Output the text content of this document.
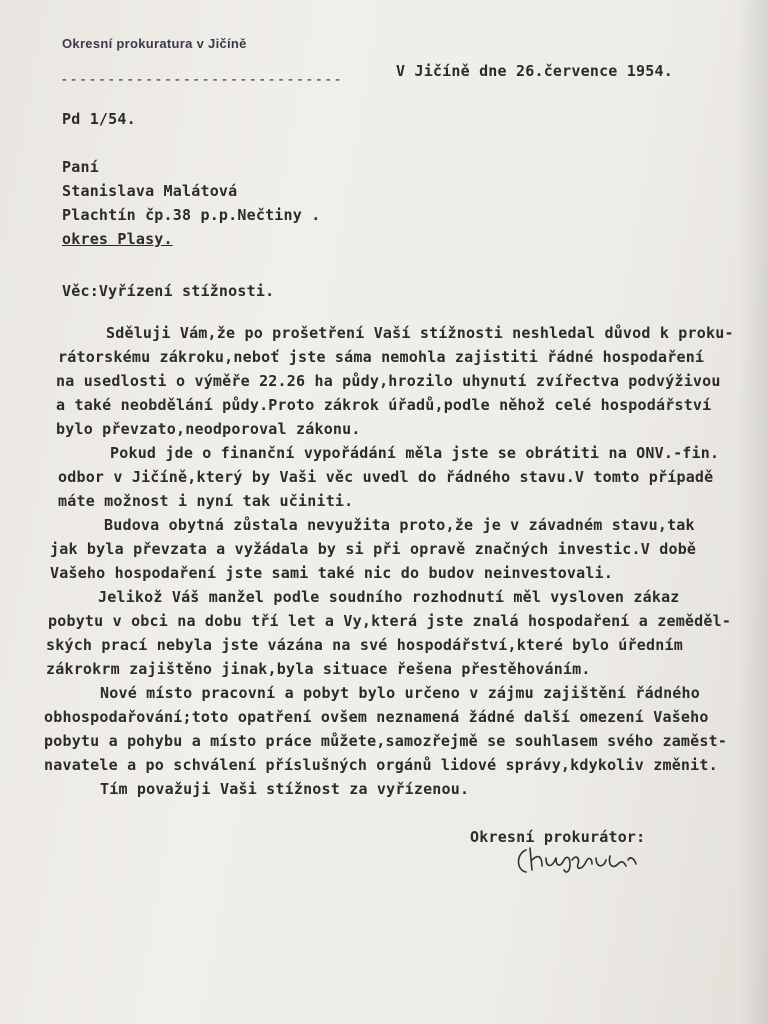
Okresní prokuratura v Jičíně
------------------------------	V Jičíně dne 26.července 1954.
Pd 1/54.
Paní
Stanislava Malátová
Plachtín čp.38 p.p.Nečtiny .
okres Plasy.
Věc:Vyřízení stížnosti.
Sděluji Vám,že po prošetření Vaší stížnosti neshledal důvod k proku-
rátorskému zákroku,neboť jste sáma nemohla zajistiti řádné hospodaření
na usedlosti o výměře 22.26 ha půdy,hrozilo uhynutí zvířectva podvýživou
a také neobdělání půdy.Proto zákrok úřadů,podle něhož celé hospodářství
bylo převzato,neodporoval zákonu.
Pokud jde o finanční vypořádání měla jste se obrátiti na ONV.-fin.
odbor v Jičíně,který by Vaši věc uvedl do řádného stavu.V tomto případě
máte možnost i nyní tak učiniti.
Budova obytná zůstala nevyužita proto,že je v závadném stavu,tak
jak byla převzata a vyžádala by si při opravě značných investic.V době
Vašeho hospodaření jste sami také nic do budov neinvestovali.
Jelikož Váš manžel podle soudního rozhodnutí měl vysloven zákaz
pobytu v obci na dobu tří let a Vy,která jste znalá hospodaření a zeměděl-
ských prací nebyla jste vázána na své hospodářství,které bylo úředním
zákrokrm zajištěno jinak,byla situace řešena přestěhováním.
Nové místo pracovní a pobyt bylo určeno v zájmu zajištění řádného
obhospodařování;toto opatření ovšem neznamená žádné další omezení Vašeho
pobytu a pohybu a místo práce můžete,samozřejmě se souhlasem svého zaměst-
navatele a po schválení příslušných orgánů lidové správy,kdykoliv změnit.
Tím považuji Vaši stížnost za vyřízenou.
Okresní prokurátor:
